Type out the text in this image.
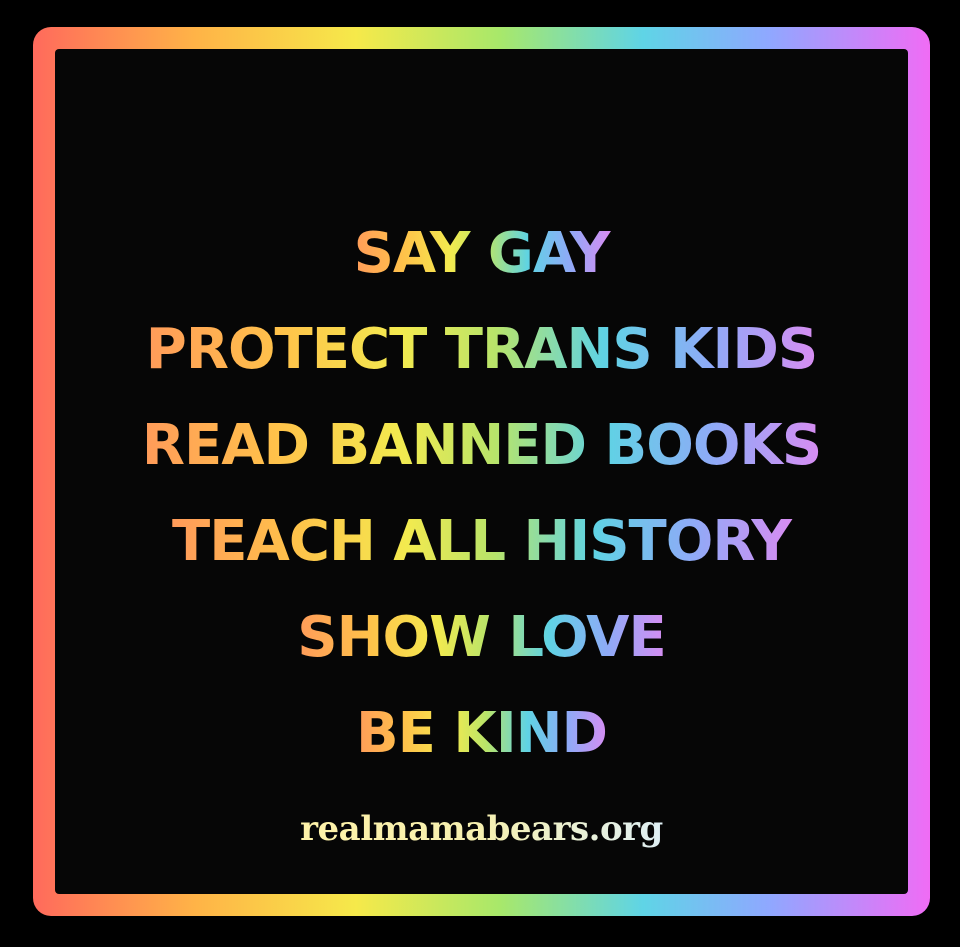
SAY GAY
PROTECT TRANS KIDS
READ BANNED BOOKS
TEACH ALL HISTORY
SHOW LOVE
BE KIND
realmamabears.org
